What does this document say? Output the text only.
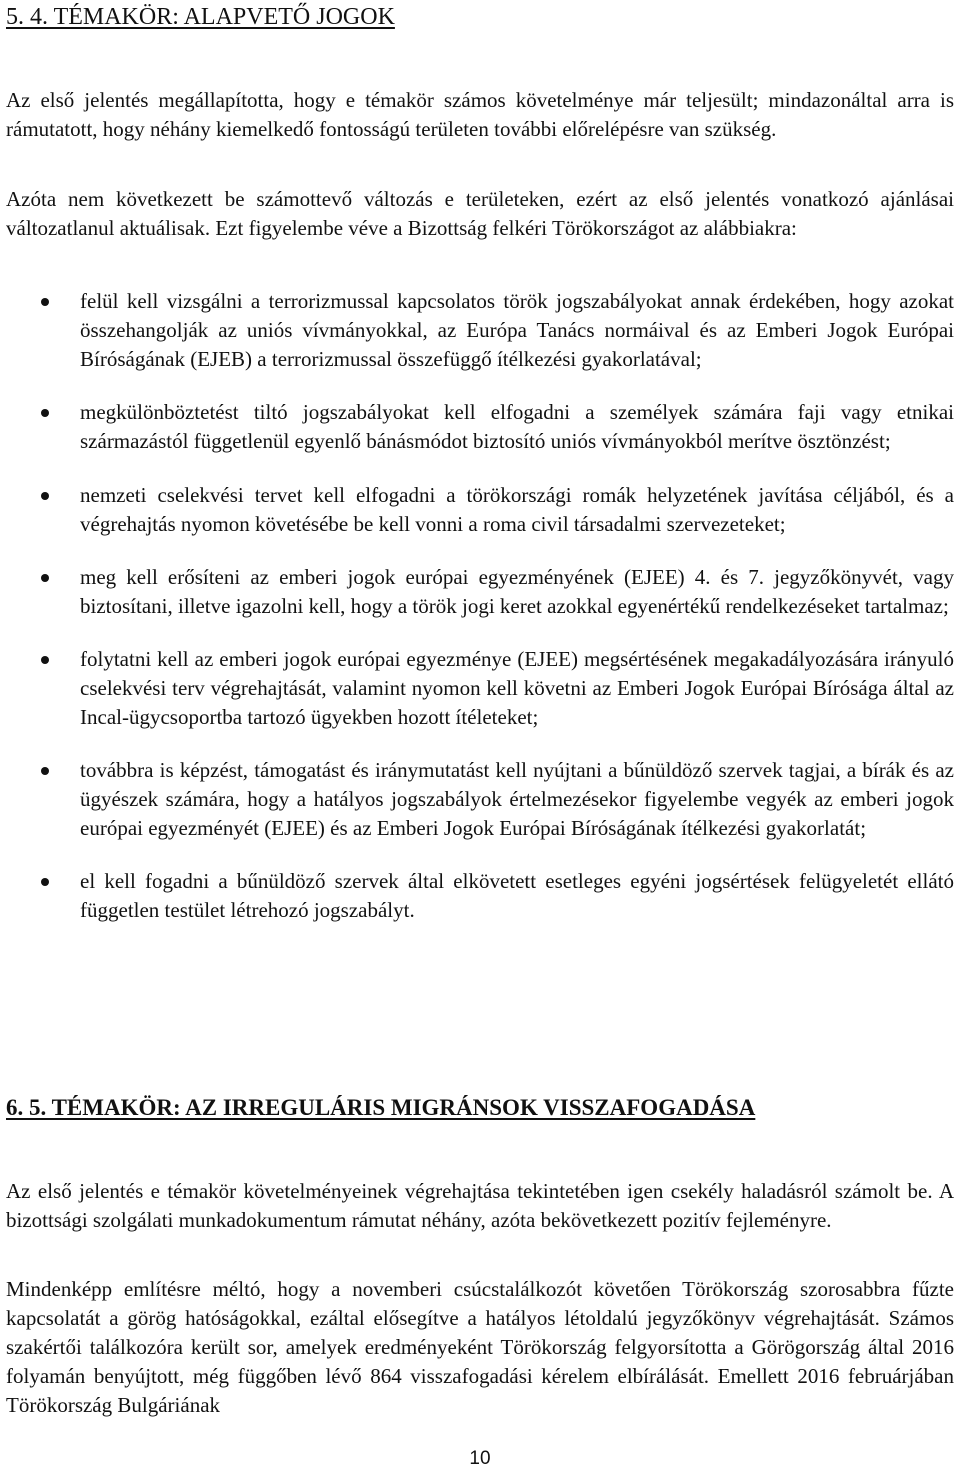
5. 4. TÉMAKÖR: ALAPVETŐ JOGOK

Az első jelentés megállapította, hogy e témakör számos követelménye már teljesült; mindazonáltal arra is rámutatott, hogy néhány kiemelkedő fontosságú területen további előrelépésre van szükség.

Azóta nem következett be számottevő változás e területeken, ezért az első jelentés vonatkozó ajánlásai változatlanul aktuálisak. Ezt figyelembe véve a Bizottság felkéri Törökországot az alábbiakra:

felül kell vizsgálni a terrorizmussal kapcsolatos török jogszabályokat annak érdekében, hogy azokat összehangolják az uniós vívmányokkal, az Európa Tanács normáival és az Emberi Jogok Európai Bíróságának (EJEB) a terrorizmussal összefüggő ítélkezési gyakorlatával;
megkülönböztetést tiltó jogszabályokat kell elfogadni a személyek számára faji vagy etnikai származástól függetlenül egyenlő bánásmódot biztosító uniós vívmányokból merítve ösztönzést;
nemzeti cselekvési tervet kell elfogadni a törökországi romák helyzetének javítása céljából, és a végrehajtás nyomon követésébe be kell vonni a roma civil társadalmi szervezeteket;
meg kell erősíteni az emberi jogok európai egyezményének (EJEE) 4. és 7. jegyzőkönyvét, vagy biztosítani, illetve igazolni kell, hogy a török jogi keret azokkal egyenértékű rendelkezéseket tartalmaz;
folytatni kell az emberi jogok európai egyezménye (EJEE) megsértésének megakadályozására irányuló cselekvési terv végrehajtását, valamint nyomon kell követni az Emberi Jogok Európai Bírósága által az Incal-ügycsoportba tartozó ügyekben hozott ítéleteket;
továbbra is képzést, támogatást és iránymutatást kell nyújtani a bűnüldöző szervek tagjai, a bírák és az ügyészek számára, hogy a hatályos jogszabályok értelmezésekor figyelembe vegyék az emberi jogok európai egyezményét (EJEE) és az Emberi Jogok Európai Bíróságának ítélkezési gyakorlatát;
el kell fogadni a bűnüldöző szervek által elkövetett esetleges egyéni jogsértések felügyeletét ellátó független testület létrehozó jogszabályt.
6. 5. TÉMAKÖR: AZ IRREGULÁRIS MIGRÁNSOK VISSZAFOGADÁSA

Az első jelentés e témakör követelményeinek végrehajtása tekintetében igen csekély haladásról számolt be. A bizottsági szolgálati munkadokumentum rámutat néhány, azóta bekövetkezett pozitív fejleményre.

Mindenképp említésre méltó, hogy a novemberi csúcstalálkozót követően Törökország szorosabbra fűzte kapcsolatát a görög hatóságokkal, ezáltal elősegítve a hatályos létoldalú jegyzőkönyv végrehajtását. Számos szakértői találkozóra került sor, amelyek eredményeként Törökország felgyorsította a Görögország által 2016 folyamán benyújtott, még függőben lévő 864 visszafogadási kérelem elbírálását. Emellett 2016 februárjában Törökország Bulgáriának

10
